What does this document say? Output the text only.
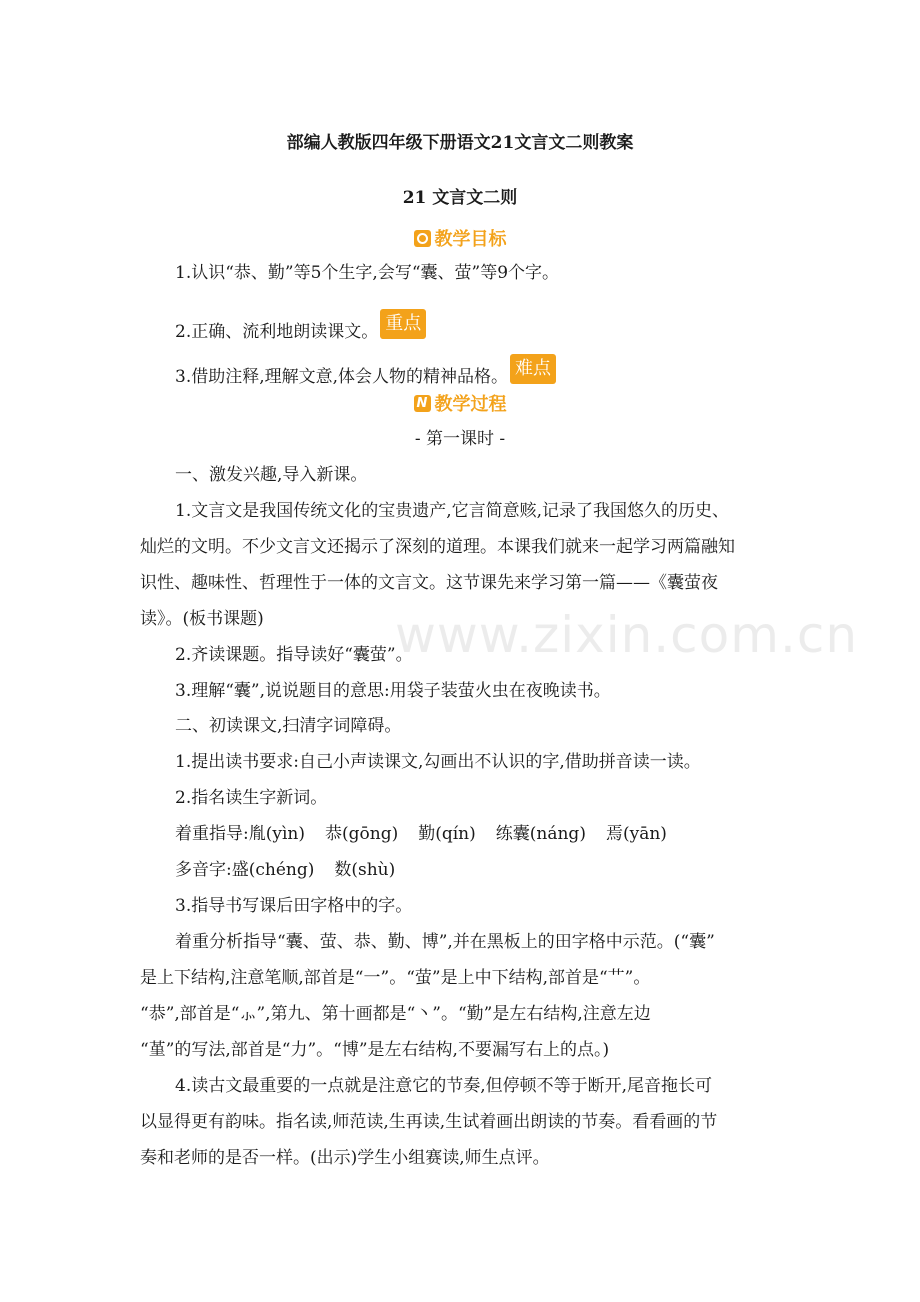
www.zixin.com.cn
部编人教版四年级下册语文21文言文二则教案
21 文言文二则
教学目标
1.认识“恭、勤”等5个生字,会写“囊、萤”等9个字。
2.正确、流利地朗读课文。 重点
3.借助注释,理解文意,体会人物的精神品格。 难点
N教学过程
- 第一课时 -
一、激发兴趣,导入新课。
1.文言文是我国传统文化的宝贵遗产,它言简意赅,记录了我国悠久的历史、
灿烂的文明。不少文言文还揭示了深刻的道理。本课我们就来一起学习两篇融知
识性、趣味性、哲理性于一体的文言文。这节课先来学习第一篇——《囊萤夜
读》。(板书课题)
2.齐读课题。指导读好“囊萤”。
3.理解“囊”,说说题目的意思:用袋子装萤火虫在夜晚读书。
二、初读课文,扫清字词障碍。
1.提出读书要求:自己小声读课文,勾画出不认识的字,借助拼音读一读。
2.指名读生字新词。
着重指导:胤(yìn) 恭(gōng) 勤(qín) 练囊(náng) 焉(yān)
多音字:盛(chéng) 数(shù)
3.指导书写课后田字格中的字。
着重分析指导“囊、萤、恭、勤、博”,并在黑板上的田字格中示范。(“囊”
是上下结构,注意笔顺,部首是“一”。“萤”是上中下结构,部首是“艹”。
“恭”,部首是“⺗”,第九、第十画都是“丶”。“勤”是左右结构,注意左边
“堇”的写法,部首是“力”。“博”是左右结构,不要漏写右上的点。)
4.读古文最重要的一点就是注意它的节奏,但停顿不等于断开,尾音拖长可
以显得更有韵味。指名读,师范读,生再读,生试着画出朗读的节奏。看看画的节
奏和老师的是否一样。(出示)学生小组赛读,师生点评。
